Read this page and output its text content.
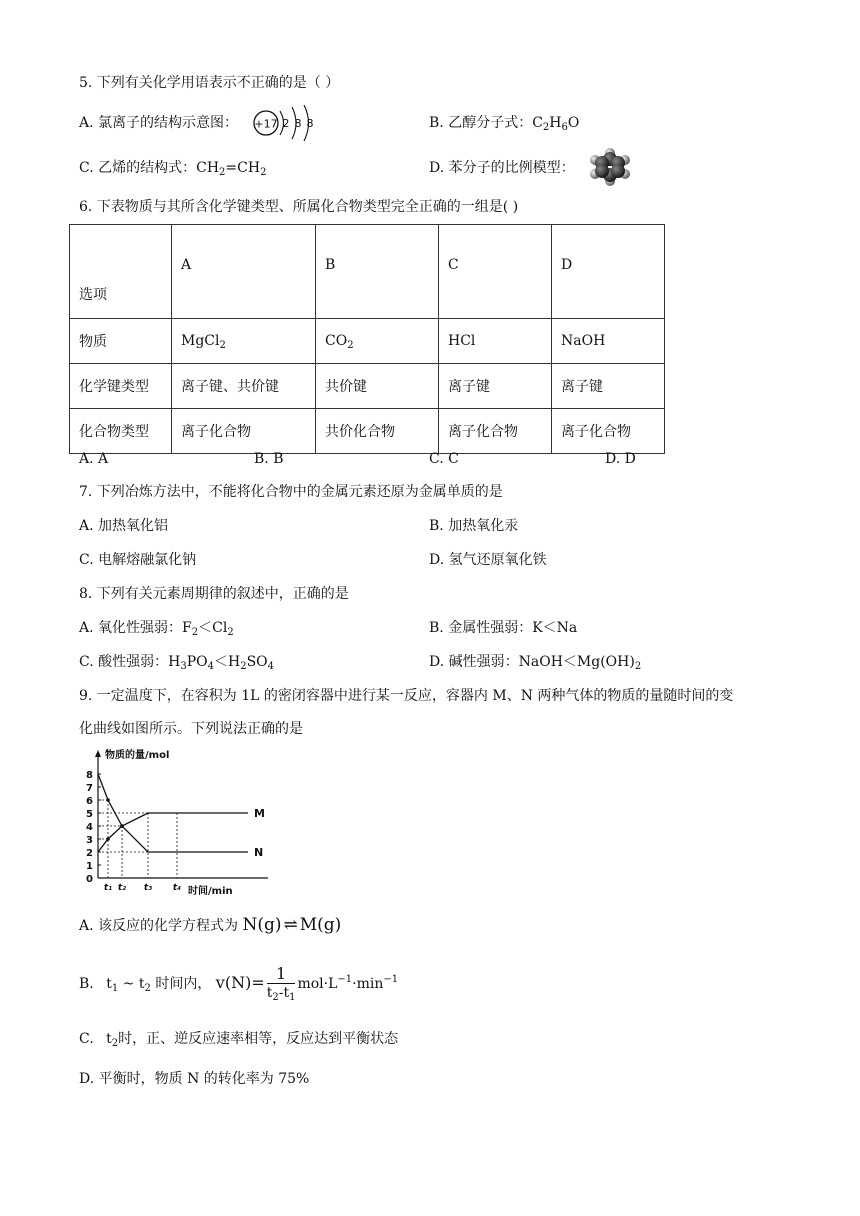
5. 下列有关化学用语表示不正确的是（ ）
A. 氯离子的结构示意图： +17 2 8 8	B. 乙醇分子式：$C_2H_6O$
C. 乙烯的结构式：$CH_2=CH_2$	D. 苯分子的比例模型：
6. 下表物质与其所含化学键类型、所属化合物类型完全正确的一组是( )
选项	A	B	C	D

物质	MgCl$_2$	$CO_2$	HCl	NaOH
化学键类型	离子键、共价键	共价键	离子键	离子键
化合物类型	离子化合物	共价化合物	离子化合物	离子化合物
A. A	B. B	C. C	D. D
7. 下列冶炼方法中，不能将化合物中的金属元素还原为金属单质的是
A. 加热氧化铝	B. 加热氧化汞
C. 电解熔融氯化钠	D. 氢气还原氧化铁
8. 下列有关元素周期律的叙述中，正确的是
A. 氧化性强弱：$F_2<Cl_2$	B. 金属性强弱：K＜Na
C. 酸性强弱：$H_3PO_4<H_2SO_4$	D. 碱性强弱：$NaOH<Mg(OH)_2$
9. 一定温度下，在容积为 1L 的密闭容器中进行某一反应，容器内 M、N 两种气体的物质的量随时间的变
化曲线如图所示。下列说法正确的是
0
1
2
3
4
5
6
7
8
t₁ t₂ t₃ t₄
物质的量/mol
时间/min
M
N
A. 该反应的化学方程式为 N(g) ⇌ M(g)
B. $t_1$ ~ $t_2$ 时间内， $v(N)= \frac{1}{t_2-t_1} mol\cdot L^{-1}\cdot\min^{-1}$
C. $t_2$时，正、逆反应速率相等，反应达到平衡状态
D. 平衡时，物质 N 的转化率为 75%
